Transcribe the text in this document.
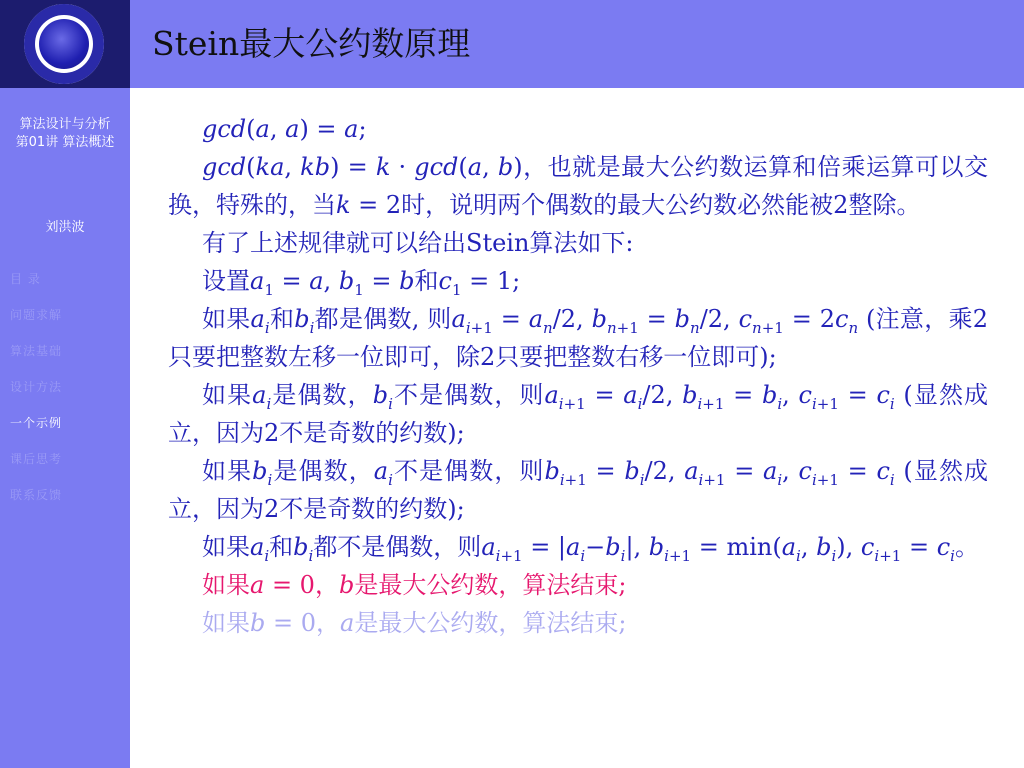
算法设计与分析
第01讲 算法概述
刘洪波
目 录
问题求解
算法基础
设计方法
一个示例
课后思考
联系反馈
Stein最大公约数原理

gcd(a, a) = a;

gcd(ka, kb) = k · gcd(a, b)，也就是最大公约数运算和倍乘运算可以交换，特殊的，当k = 2时，说明两个偶数的最大公约数必然能被2整除。

有了上述规律就可以给出Stein算法如下:

设置$a_1 = a$, $b_1 = b$和$c_1 = 1$;

如果$a_i$和$b_i$都是偶数, 则$a_{i+1} = a_n/2$, $b_{n+1} = b_n/2$, $c_{n+1} = 2c_n$ (注意，乘2只要把整数左移一位即可，除2只要把整数右移一位即可);

如果$a_i$是偶数，$b_i$不是偶数，则$a_{i+1} = a_i/2$, $b_{i+1} = b_i$, $c_{i+1} = c_i$ (显然成立，因为2不是奇数的约数);

如果$b_i$是偶数，$a_i$不是偶数，则$b_{i+1} = b_i/2$, $a_{i+1} = a_i$, $c_{i+1} = c_i$ (显然成立，因为2不是奇数的约数);

如果$a_i$和$b_i$都不是偶数，则$a_{i+1} = |a_i-b_i|$, $b_{i+1} = \min(a_i$, $b_i$), $c_{i+1} = c_i$。

如果a = 0，b是最大公约数，算法结束;

如果b = 0，a是最大公约数，算法结束;
